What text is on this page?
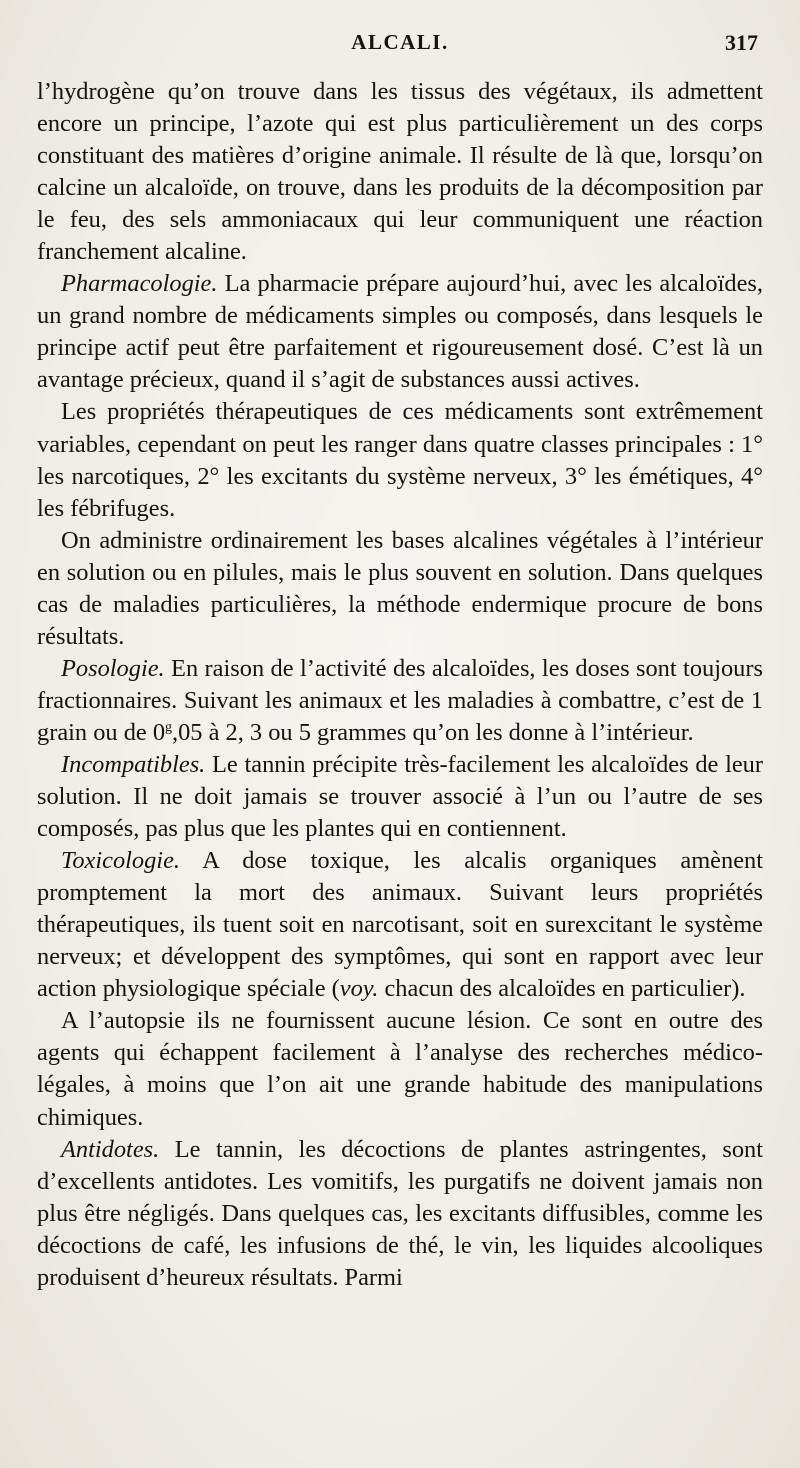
ALCALI.	317

l’hydrogène qu’on trouve dans les tissus des végétaux, ils admettent encore un principe, l’azote qui est plus particulièrement un des corps constituant des matières d’origine animale. Il résulte de là que, lorsqu’on calcine un alcaloïde, on trouve, dans les produits de la décomposition par le feu, des sels ammoniacaux qui leur communiquent une réaction franchement alcaline.

Pharmacologie. La pharmacie prépare aujourd’hui, avec les alcaloïdes, un grand nombre de médicaments simples ou composés, dans lesquels le principe actif peut être parfaitement et rigoureusement dosé. C’est là un avantage précieux, quand il s’agit de substances aussi actives.

Les propriétés thérapeutiques de ces médicaments sont extrêmement variables, cependant on peut les ranger dans quatre classes principales : 1° les narcotiques, 2° les excitants du système nerveux, 3° les émétiques, 4° les fébrifuges.

On administre ordinairement les bases alcalines végétales à l’intérieur en solution ou en pilules, mais le plus souvent en solution. Dans quelques cas de maladies particulières, la méthode endermique procure de bons résultats.

Posologie. En raison de l’activité des alcaloïdes, les doses sont toujours fractionnaires. Suivant les animaux et les maladies à combattre, c’est de 1 grain ou de 0$^g$,05 à 2, 3 ou 5 grammes qu’on les donne à l’intérieur.

Incompatibles. Le tannin précipite très-facilement les alcaloïdes de leur solution. Il ne doit jamais se trouver associé à l’un ou l’autre de ses composés, pas plus que les plantes qui en contiennent.

Toxicologie. A dose toxique, les alcalis organiques amènent promptement la mort des animaux. Suivant leurs propriétés thérapeutiques, ils tuent soit en narcotisant, soit en surexcitant le système nerveux; et développent des symptômes, qui sont en rapport avec leur action physiologique spéciale (voy. chacun des alcaloïdes en particulier).

A l’autopsie ils ne fournissent aucune lésion. Ce sont en outre des agents qui échappent facilement à l’analyse des recherches médico-légales, à moins que l’on ait une grande habitude des manipulations chimiques.

Antidotes. Le tannin, les décoctions de plantes astringentes, sont d’excellents antidotes. Les vomitifs, les purgatifs ne doivent jamais non plus être négligés. Dans quelques cas, les excitants diffusibles, comme les décoctions de café, les infusions de thé, le vin, les liquides alcooliques produisent d’heureux résultats. Parmi
